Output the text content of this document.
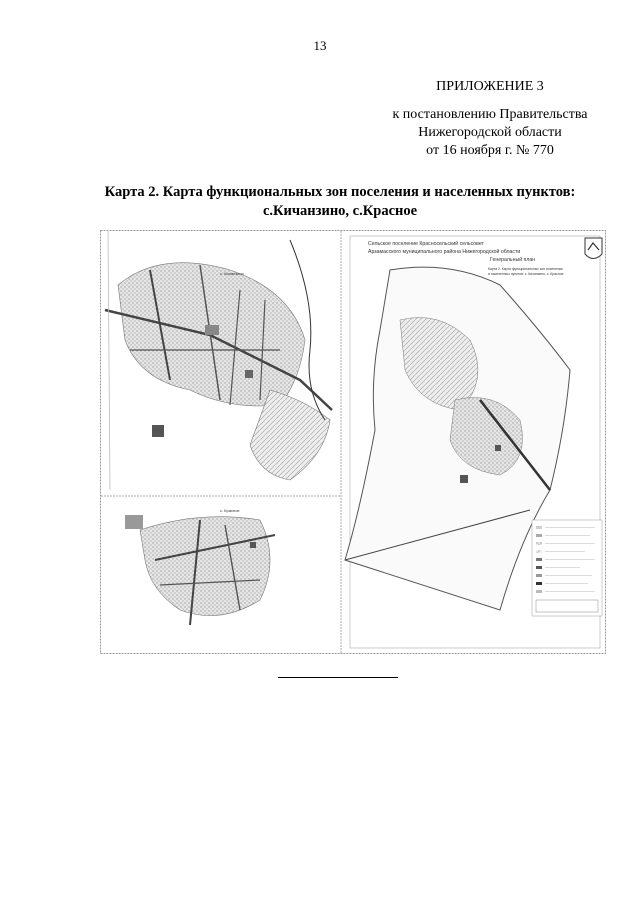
13
ПРИЛОЖЕНИЕ 3
к постановлению Правительства
Нижегородской области
от 16 ноября г. № 770
Карта 2. Карта функциональных зон поселения и населенных пунктов:
с.Кичанзино, с.Красное
с. Кичанзино
с. Красное
Сельское поселение Красносельский сельсовет
Арзамасского муниципального района Нижегородской области
Генеральный план
Карта 2. Карта функциональных зон поселения
и населенных пунктов: с. Кичанзино, с. Красное
